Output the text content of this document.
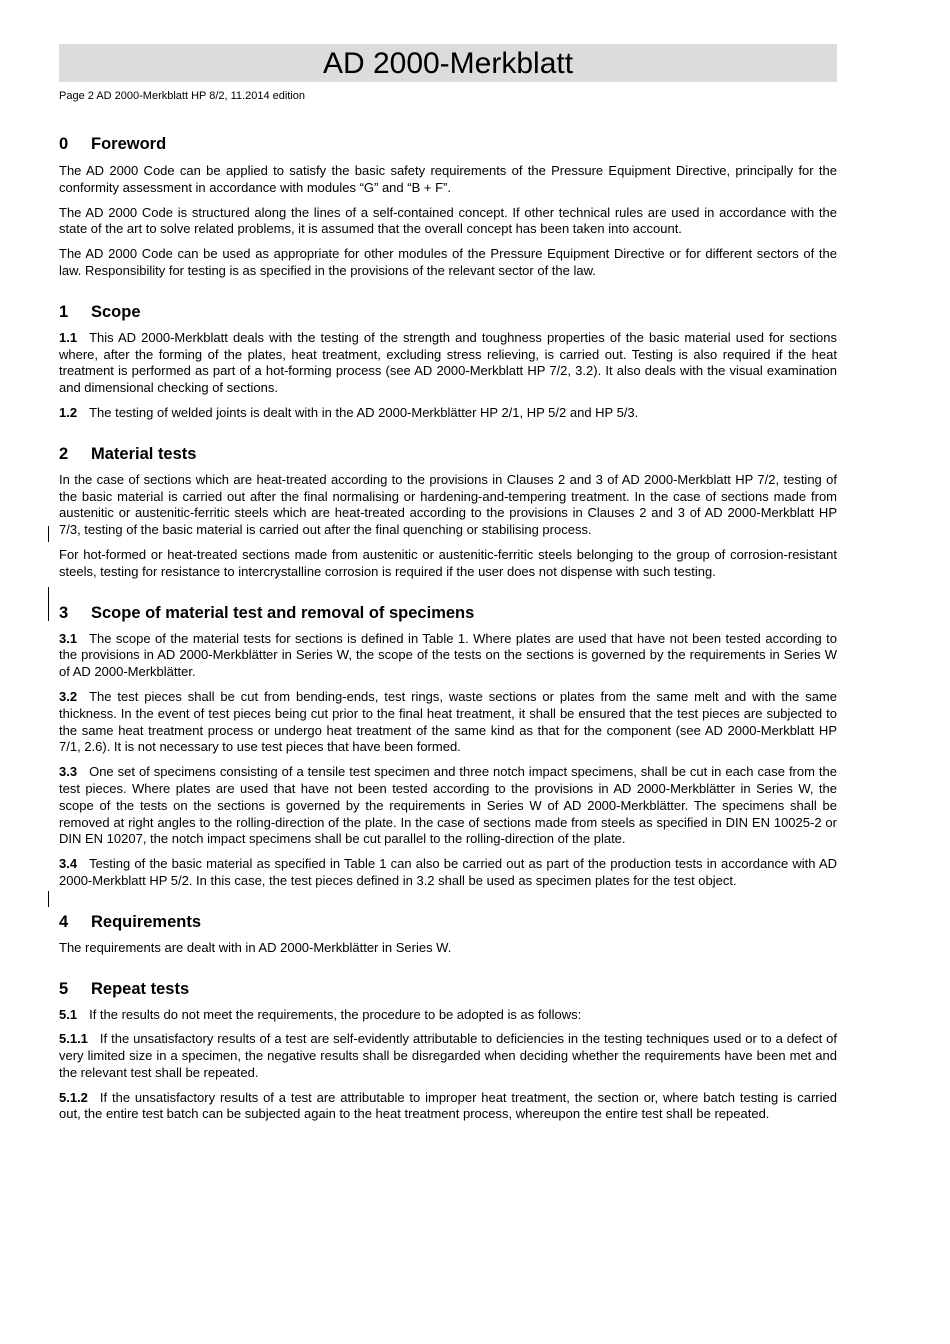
AD 2000-Merkblatt
Page 2 AD 2000-Merkblatt HP 8/2, 11.2014 edition
0 Foreword

The AD 2000 Code can be applied to satisfy the basic safety requirements of the Pressure Equipment Directive, principally for the conformity assessment in accordance with modules “G” and “B + F”.

The AD 2000 Code is structured along the lines of a self-contained concept. If other technical rules are used in accordance with the state of the art to solve related problems, it is assumed that the overall concept has been taken into account.

The AD 2000 Code can be used as appropriate for other modules of the Pressure Equipment Directive or for different sectors of the law. Responsibility for testing is as specified in the provisions of the relevant sector of the law.

1 Scope

1.1 This AD 2000-Merkblatt deals with the testing of the strength and toughness properties of the basic material used for sections where, after the forming of the plates, heat treatment, excluding stress relieving, is carried out. Testing is also required if the heat treatment is performed as part of a hot-forming process (see AD 2000-Merkblatt HP 7/2, 3.2). It also deals with the visual examination and dimensional checking of sections.

1.2 The testing of welded joints is dealt with in the AD 2000-Merkblätter HP 2/1, HP 5/2 and HP 5/3.

2 Material tests

In the case of sections which are heat-treated according to the provisions in Clauses 2 and 3 of AD 2000-Merkblatt HP 7/2, testing of the basic material is carried out after the final normalising or hardening-and-tempering treatment. In the case of sections made from austenitic or austenitic-ferritic steels which are heat-treated according to the provisions in Clauses 2 and 3 of AD 2000-Merkblatt HP 7/3, testing of the basic material is carried out after the final quenching or stabilising process.

For hot-formed or heat-treated sections made from austenitic or austenitic-ferritic steels belonging to the group of corrosion-resistant steels, testing for resistance to intercrystalline corrosion is required if the user does not dispense with such testing.

3 Scope of material test and removal of specimens

3.1 The scope of the material tests for sections is defined in Table 1. Where plates are used that have not been tested according to the provisions in AD 2000-Merkblätter in Series W, the scope of the tests on the sections is governed by the requirements in Series W of AD 2000-Merkblätter.

3.2 The test pieces shall be cut from bending-ends, test rings, waste sections or plates from the same melt and with the same thickness. In the event of test pieces being cut prior to the final heat treatment, it shall be ensured that the test pieces are subjected to the same heat treatment process or undergo heat treatment of the same kind as that for the component (see AD 2000-Merkblatt HP 7/1, 2.6). It is not necessary to use test pieces that have been formed.

3.3 One set of specimens consisting of a tensile test specimen and three notch impact specimens, shall be cut in each case from the test pieces. Where plates are used that have not been tested according to the provisions in AD 2000-Merkblätter in Series W, the scope of the tests on the sections is governed by the requirements in Series W of AD 2000-Merkblätter. The specimens shall be removed at right angles to the rolling-direction of the plate. In the case of sections made from steels as specified in DIN EN 10025-2 or DIN EN 10207, the notch impact specimens shall be cut parallel to the rolling-direction of the plate.

3.4 Testing of the basic material as specified in Table 1 can also be carried out as part of the production tests in accordance with AD 2000-Merkblatt HP 5/2. In this case, the test pieces defined in 3.2 shall be used as specimen plates for the test object.

4 Requirements

The requirements are dealt with in AD 2000-Merkblätter in Series W.

5 Repeat tests

5.1 If the results do not meet the requirements, the procedure to be adopted is as follows:

5.1.1 If the unsatisfactory results of a test are self-evidently attributable to deficiencies in the testing techniques used or to a defect of very limited size in a specimen, the negative results shall be disregarded when deciding whether the requirements have been met and the relevant test shall be repeated.

5.1.2 If the unsatisfactory results of a test are attributable to improper heat treatment, the section or, where batch testing is carried out, the entire test batch can be subjected again to the heat treatment process, whereupon the entire test shall be repeated.
